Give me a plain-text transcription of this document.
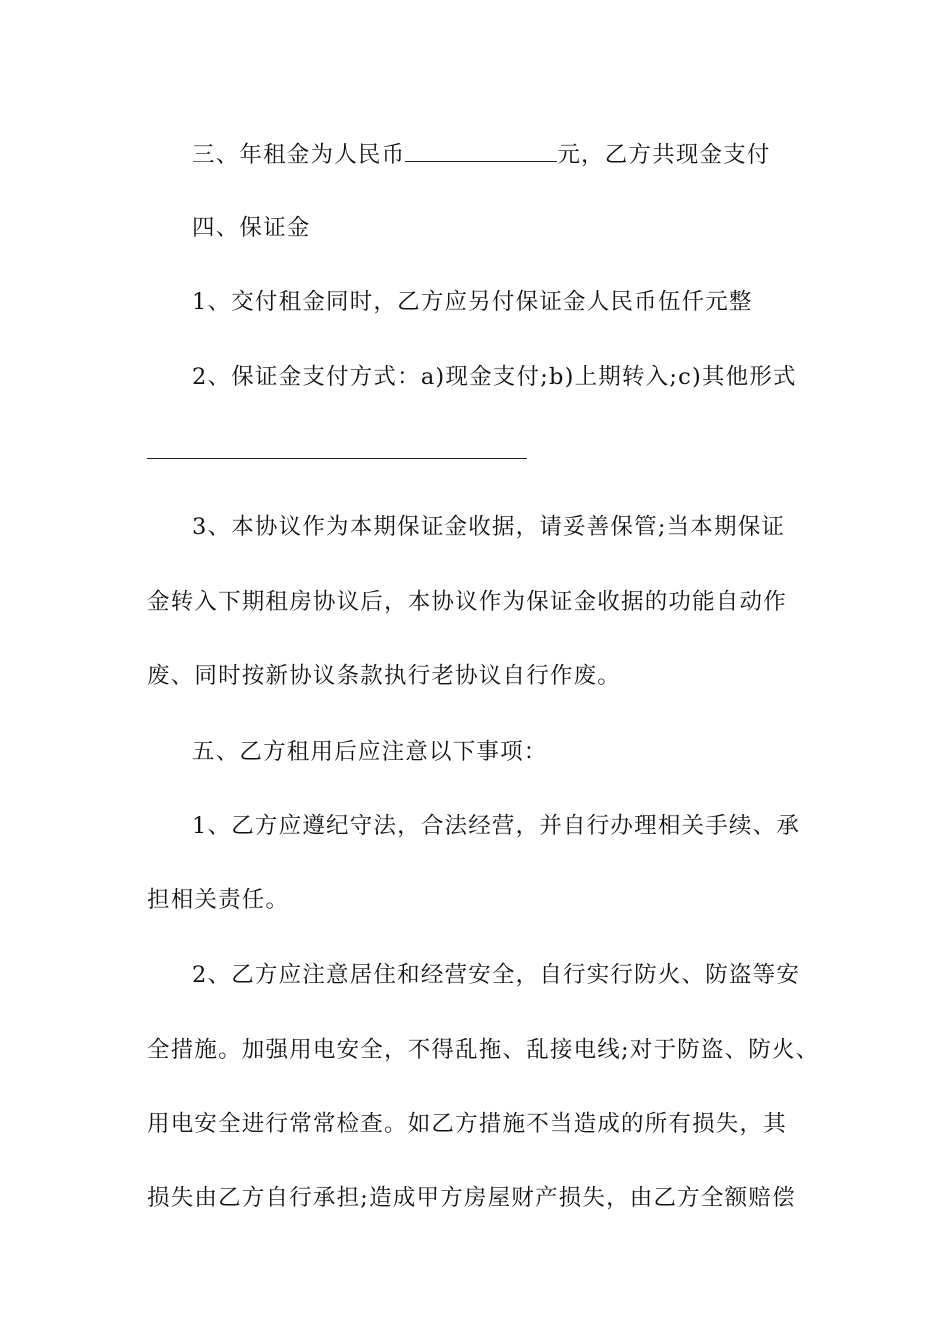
三、年租金为人民币	元，乙方共现金支付
四、保证金
1、交付租金同时，乙方应另付保证金人民币伍仟元整
2、保证金支付方式：a)现金支付;b)上期转入;c)其他形式
3、本协议作为本期保证金收据，请妥善保管;当本期保证
金转入下期租房协议后，本协议作为保证金收据的功能自动作
废、同时按新协议条款执行老协议自行作废。
五、乙方租用后应注意以下事项：
1、乙方应遵纪守法，合法经营，并自行办理相关手续、承
担相关责任。
2、乙方应注意居住和经营安全，自行实行防火、防盗等安
全措施。加强用电安全，不得乱拖、乱接电线;对于防盗、防火、
用电安全进行常常检查。如乙方措施不当造成的所有损失，其
损失由乙方自行承担;造成甲方房屋财产损失，由乙方全额赔偿
